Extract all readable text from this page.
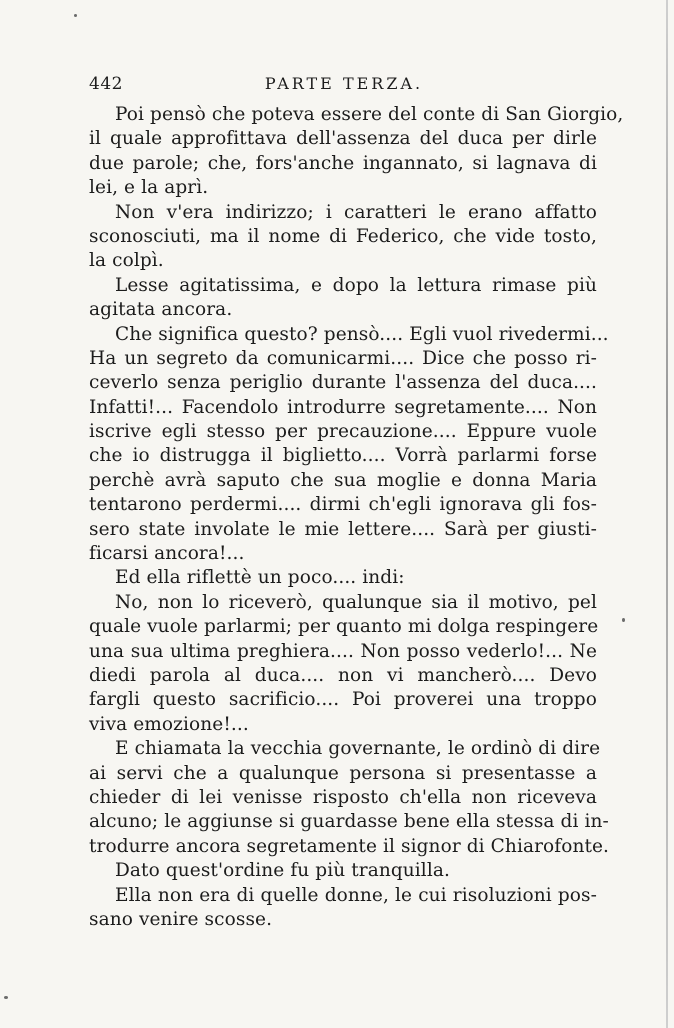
442	PARTE TERZA.
Poi pensò che poteva essere del conte di San Giorgio,
il quale approfittava dell'assenza del duca per dirle
due parole; che, fors'anche ingannato, si lagnava di
lei, e la aprì.
Non v'era indirizzo; i caratteri le erano affatto
sconosciuti, ma il nome di Federico, che vide tosto,
la colpì.
Lesse agitatissima, e dopo la lettura rimase più
agitata ancora.
Che significa questo? pensò.... Egli vuol rivedermi...
Ha un segreto da comunicarmi.... Dice che posso ri-
ceverlo senza periglio durante l'assenza del duca....
Infatti!... Facendolo introdurre segretamente.... Non
iscrive egli stesso per precauzione.... Eppure vuole
che io distrugga il biglietto.... Vorrà parlarmi forse
perchè avrà saputo che sua moglie e donna Maria
tentarono perdermi.... dirmi ch'egli ignorava gli fos-
sero state involate le mie lettere.... Sarà per giusti-
ficarsi ancora!...
Ed ella riflettè un poco.... indi:
No, non lo riceverò, qualunque sia il motivo, pel
quale vuole parlarmi; per quanto mi dolga respingere
una sua ultima preghiera.... Non posso vederlo!... Ne
diedi parola al duca.... non vi mancherò.... Devo
fargli questo sacrificio.... Poi proverei una troppo
viva emozione!...
E chiamata la vecchia governante, le ordinò di dire
ai servi che a qualunque persona si presentasse a
chieder di lei venisse risposto ch'ella non riceveva
alcuno; le aggiunse si guardasse bene ella stessa di in-
trodurre ancora segretamente il signor di Chiarofonte.
Dato quest'ordine fu più tranquilla.
Ella non era di quelle donne, le cui risoluzioni pos-
sano venire scosse.
